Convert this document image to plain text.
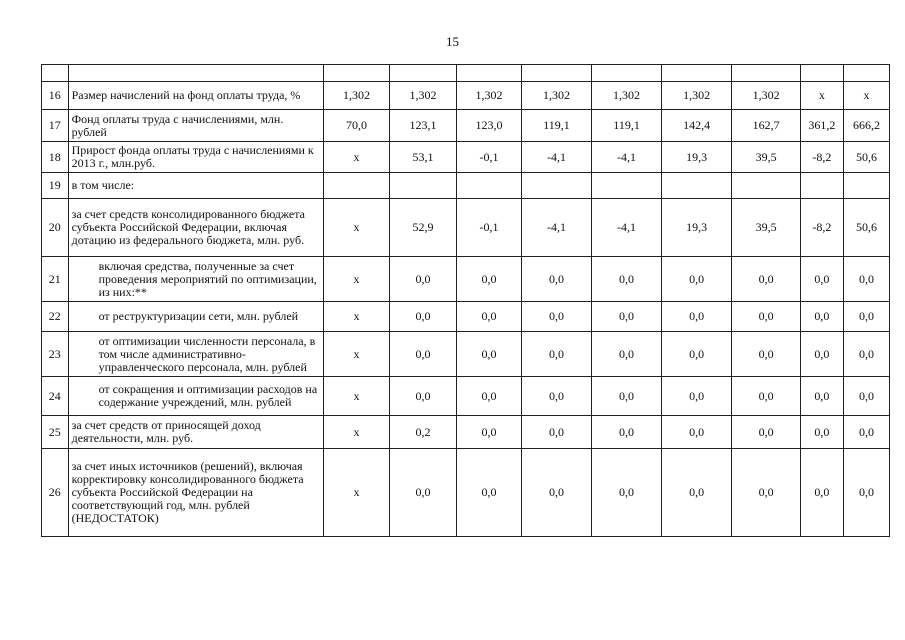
15

16	Размер начислений на фонд оплаты труда, %	1,302	1,302	1,302	1,302	1,302	1,302	1,302	х	х
17	Фонд оплаты труда с начислениями, млн. рублей	70,0	123,1	123,0	119,1	119,1	142,4	162,7	361,2	666,2
18	Прирост фонда оплаты труда с начислениями к 2013 г., млн.руб.	х	53,1	-0,1	-4,1	-4,1	19,3	39,5	-8,2	50,6
19	в том числе:									
20	за счет средств консолидированного бюджета субъекта Российской Федерации, включая дотацию из федерального бюджета, млн. руб.	х	52,9	-0,1	-4,1	-4,1	19,3	39,5	-8,2	50,6
21	включая средства, полученные за счет проведения мероприятий по оптимизации, из них:**	х	0,0	0,0	0,0	0,0	0,0	0,0	0,0	0,0
22	от реструктуризации сети, млн. рублей	х	0,0	0,0	0,0	0,0	0,0	0,0	0,0	0,0
23	от оптимизации численности персонала, в том числе административно-управленческого персонала, млн. рублей	х	0,0	0,0	0,0	0,0	0,0	0,0	0,0	0,0
24	от сокращения и оптимизации расходов на содержание учреждений, млн. рублей	х	0,0	0,0	0,0	0,0	0,0	0,0	0,0	0,0
25	за счет средств от приносящей доход деятельности, млн. руб.	х	0,2	0,0	0,0	0,0	0,0	0,0	0,0	0,0
26	за счет иных источников (решений), включая корректировку консолидированного бюджета субъекта Российской Федерации на соответствующий год, млн. рублей (НЕДОСТАТОК)	х	0,0	0,0	0,0	0,0	0,0	0,0	0,0	0,0
